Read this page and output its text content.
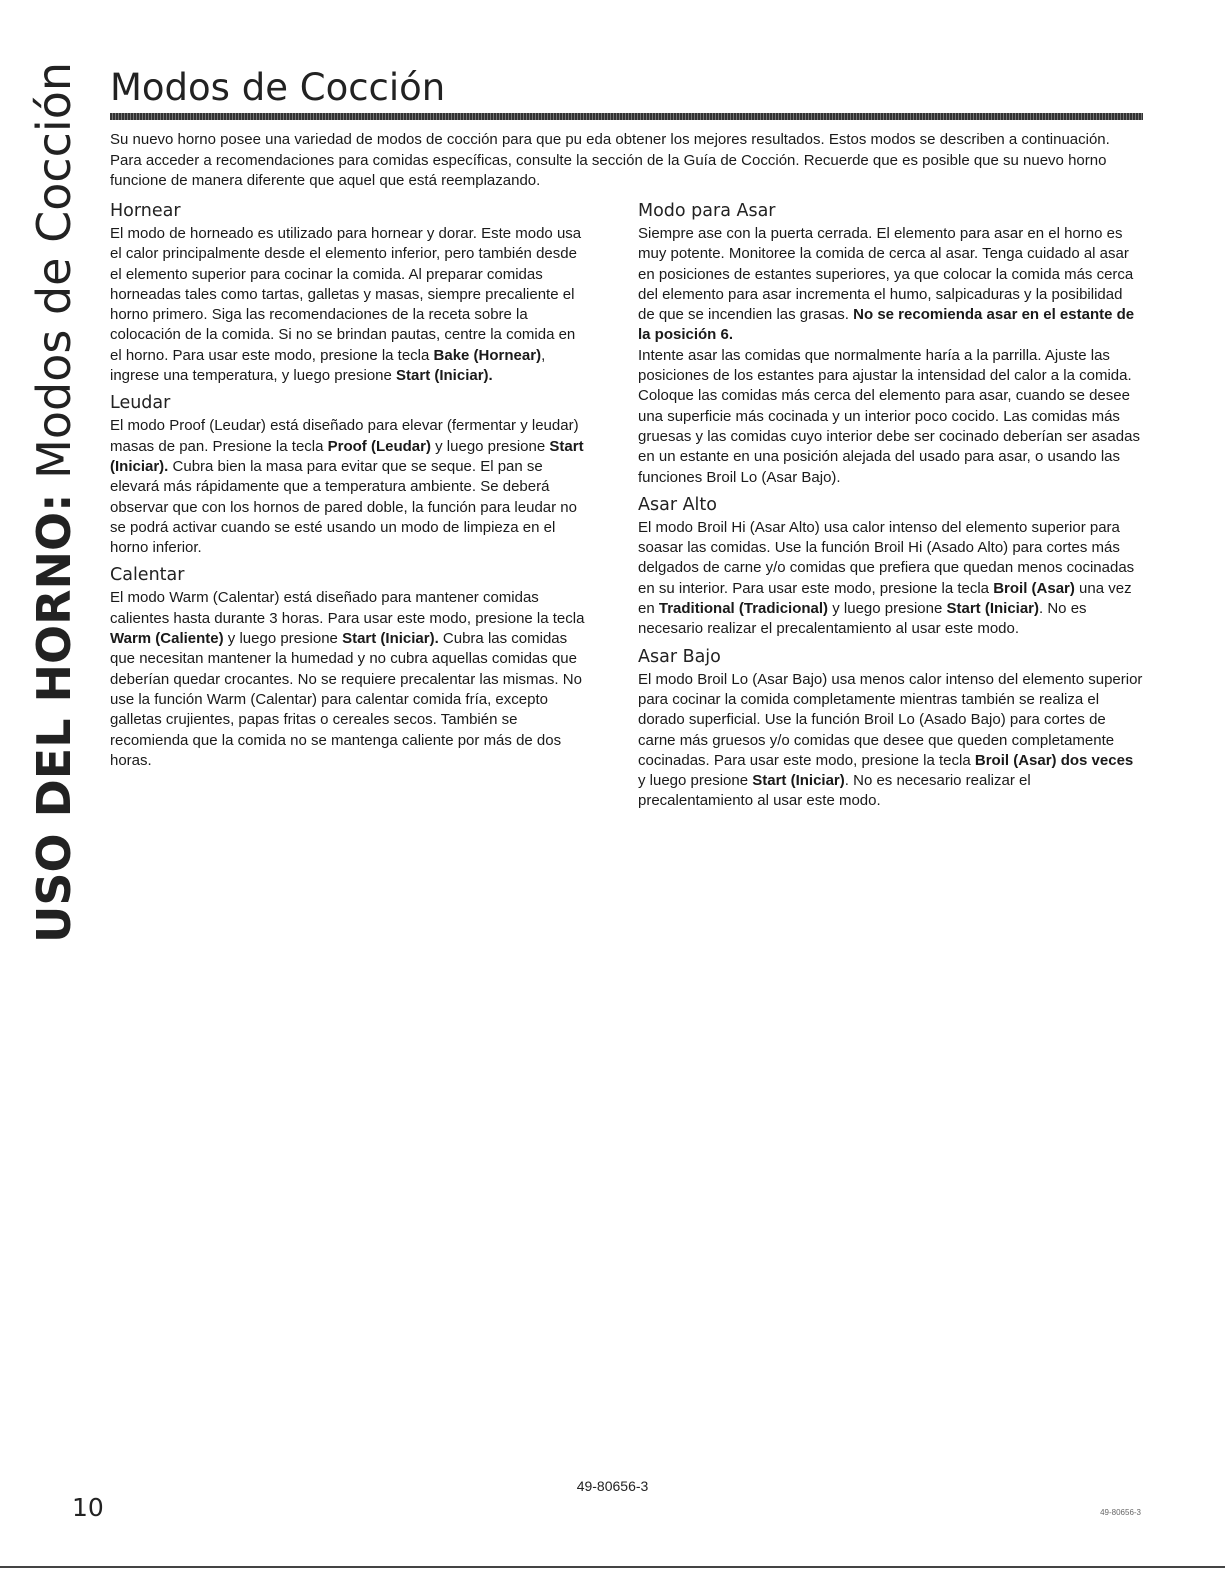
USO DEL HORNO:

Modos de Cocción Modos de Cocción

Su nuevo horno posee una variedad de modos de cocción para que pu eda obtener los mejores resultados. Estos modos se describen a continuación. Para acceder a recomendaciones para comidas específicas, consulte la sección de la Guía de Cocción. Recuerde que es posible que su nuevo horno funcione de manera diferente que aquel que está reemplazando.

Hornear

El modo de horneado es utilizado para hornear y dorar. Este modo usa el calor principalmente desde el elemento inferior, pero también desde el elemento superior para cocinar la comida. Al preparar comidas horneadas tales como tartas, galletas y masas, siempre precaliente el horno primero. Siga las recomendaciones de la receta sobre la colocación de la comida. Si no se brindan pautas, centre la comida en el horno. Para usar este modo, presione la tecla Bake (Hornear), ingrese una temperatura, y luego presione Start (Iniciar).

Leudar

El modo Proof (Leudar) está diseñado para elevar (fermentar y leudar) masas de pan. Presione la tecla Proof (Leudar) y luego presione Start (Iniciar). Cubra bien la masa para evitar que se seque. El pan se elevará más rápidamente que a temperatura ambiente. Se deberá observar que con los hornos de pared doble, la función para leudar no se podrá activar cuando se esté usando un modo de limpieza en el horno inferior.

Calentar

El modo Warm (Calentar) está diseñado para mantener comidas calientes hasta durante 3 horas. Para usar este modo, presione la tecla Warm (Caliente) y luego presione Start (Iniciar). Cubra las comidas que necesitan mantener la humedad y no cubra aquellas comidas que deberían quedar crocantes. No se requiere precalentar las mismas. No use la función Warm (Calentar) para calentar comida fría, excepto galletas crujientes, papas fritas o cereales secos. También se recomienda que la comida no se mantenga caliente por más de dos horas.

Modo para Asar

Siempre ase con la puerta cerrada. El elemento para asar en el horno es muy potente. Monitoree la comida de cerca al asar. Tenga cuidado al asar en posiciones de estantes superiores, ya que colocar la comida más cerca del elemento para asar incrementa el humo, salpicaduras y la posibilidad de que se incendien las grasas. No se recomienda asar en el estante de la posición 6.

Intente asar las comidas que normalmente haría a la parrilla. Ajuste las posiciones de los estantes para ajustar la intensidad del calor a la comida. Coloque las comidas más cerca del elemento para asar, cuando se desee una superficie más cocinada y un interior poco cocido. Las comidas más gruesas y las comidas cuyo interior debe ser cocinado deberían ser asadas en un estante en una posición alejada del usado para asar, o usando las funciones Broil Lo (Asar Bajo).

Asar Alto

El modo Broil Hi (Asar Alto) usa calor intenso del elemento superior para soasar las comidas. Use la función Broil Hi (Asado Alto) para cortes más delgados de carne y/o comidas que prefiera que quedan menos cocinadas en su interior. Para usar este modo, presione la tecla Broil (Asar) una vez en Traditional (Tradicional) y luego presione Start (Iniciar). No es necesario realizar el precalentamiento al usar este modo.

Asar Bajo

El modo Broil Lo (Asar Bajo) usa menos calor intenso del elemento superior para cocinar la comida completamente mientras también se realiza el dorado superficial. Use la función Broil Lo (Asado Bajo) para cortes de carne más gruesos y/o comidas que desee que queden completamente cocinadas. Para usar este modo, presione la tecla Broil (Asar) dos veces y luego presione Start (Iniciar). No es necesario realizar el precalentamiento al usar este modo.

49-80656-3
10	49-80656-3
